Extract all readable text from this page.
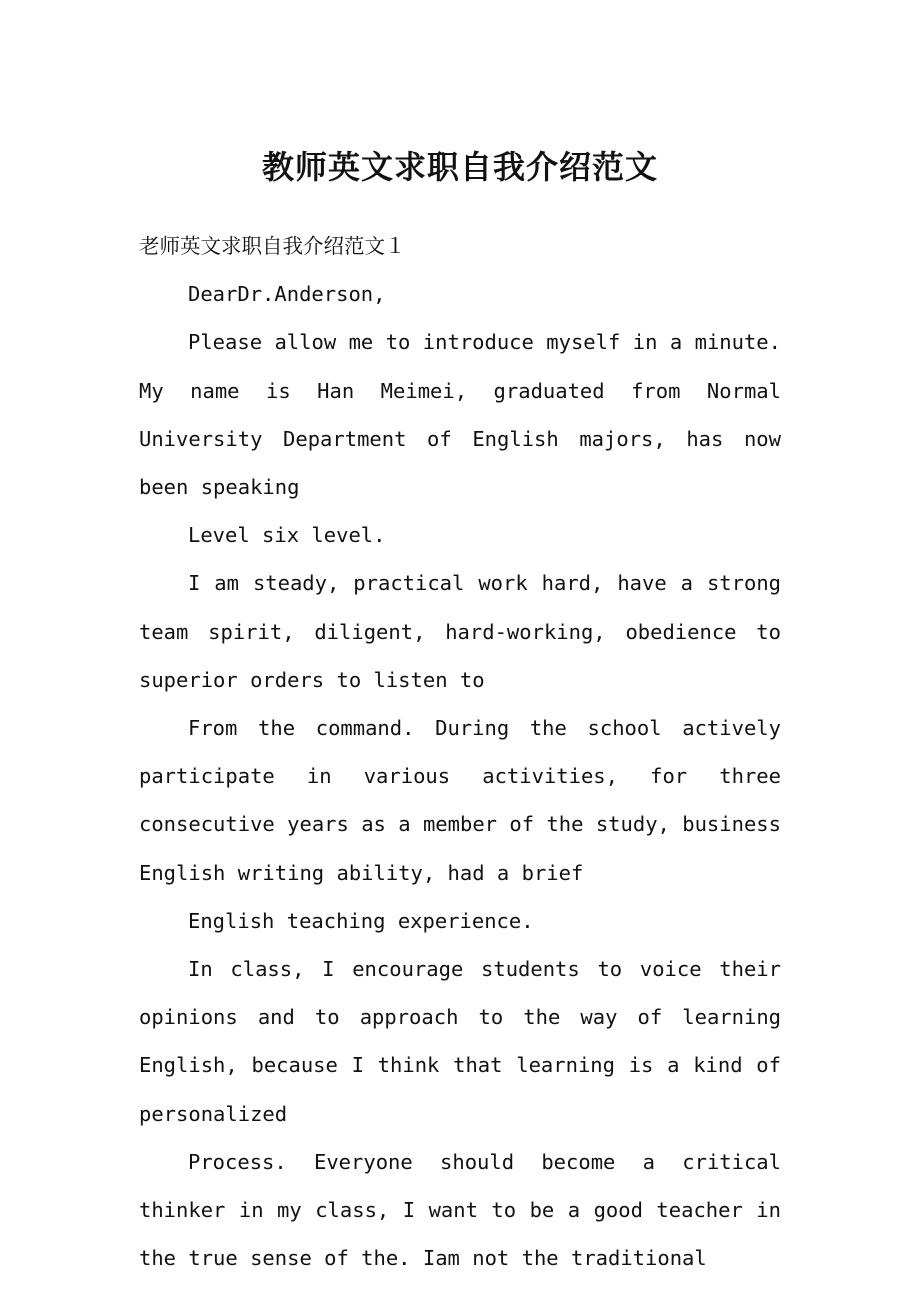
教师英文求职自我介绍范文

老师英文求职自我介绍范文１

DearDr.Anderson,

Please allow me to introduce myself in a minute. My name is Han Meimei, graduated from Normal University Department of English majors, has now been speaking

Level six level.

I am steady, practical work hard, have a strong team spirit, diligent, hard-working, obedience to superior orders to listen to

From the command. During the school actively participate in various activities, for three consecutive years as a member of the study, business English writing ability, had a brief

English teaching experience.

In class, I encourage students to voice their opinions and to approach to the way of learning English, because I think that learning is a kind of personalized

Process. Everyone should become a critical thinker in my class, I want to be a good teacher in the true sense of the. Iam not the traditional
